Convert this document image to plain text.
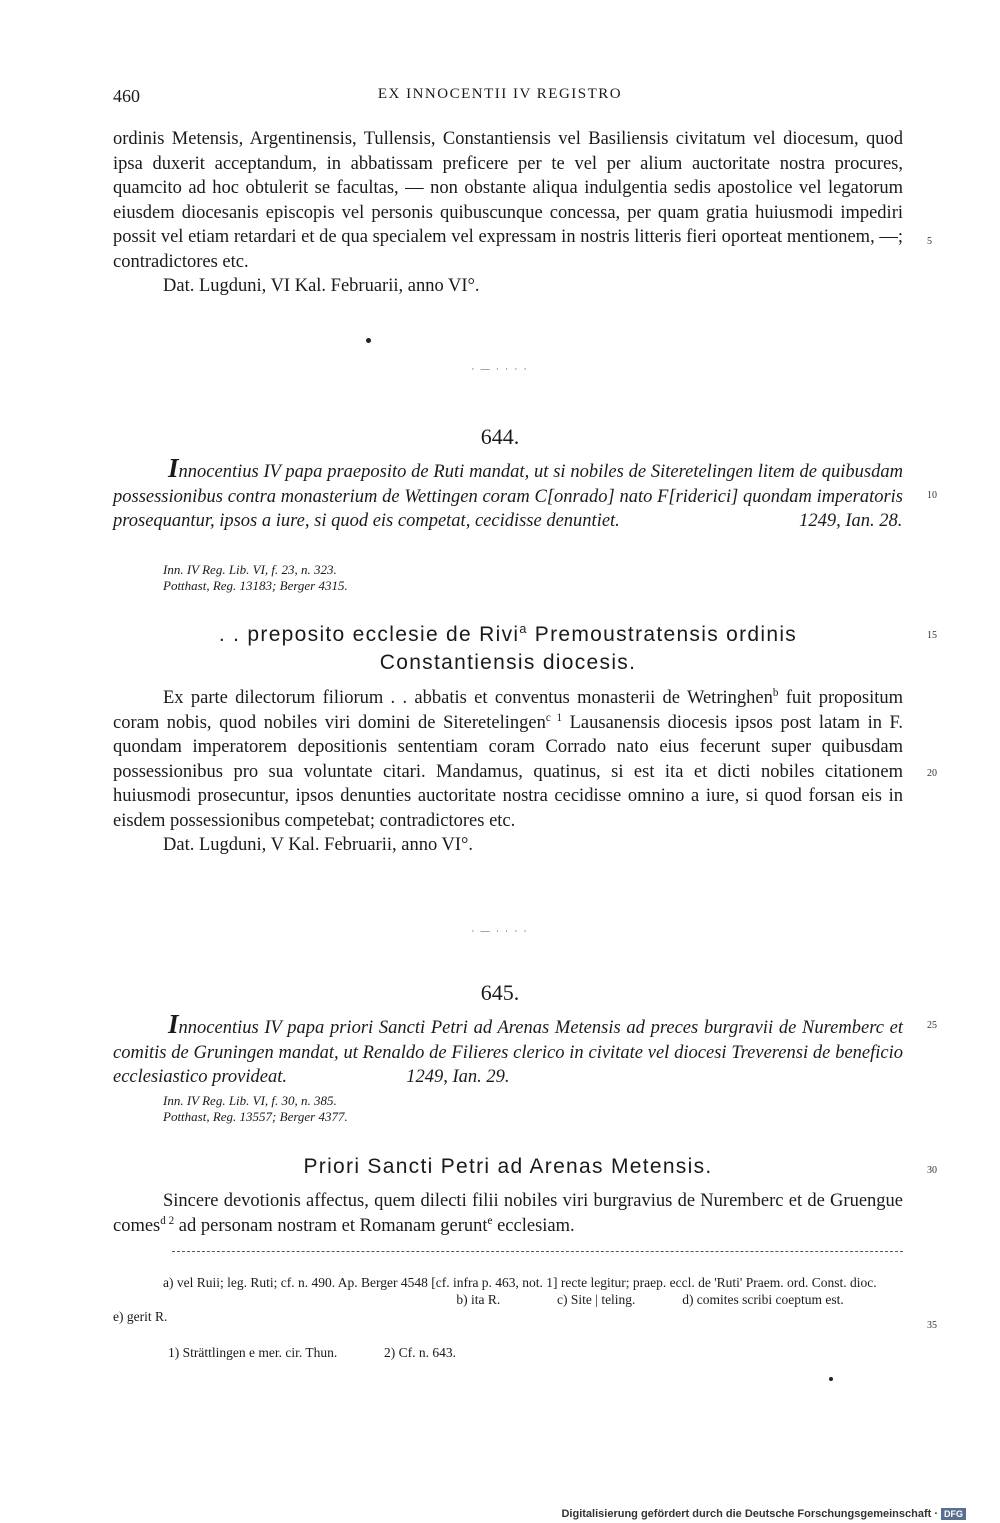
460	EX INNOCENTII IV REGISTRO

ordinis Metensis, Argentinensis, Tullensis, Constantiensis vel Basiliensis civitatum vel diocesum, quod ipsa duxerit acceptandum, in abbatissam preficere per te vel per alium auctoritate nostra procures, quamcito ad hoc obtulerit se facultas, — non obstante aliqua indulgentia sedis apostolice vel legatorum eiusdem diocesanis episcopis vel personis quibuscunque concessa, per quam gratia huiusmodi impediri possit vel etiam retardari et de qua specialem vel expressam in nostris litteris fieri oporteat mentionem, —; contradictores etc.

Dat. Lugduni, VI Kal. Februarii, anno VI°.

· — · · · ·
644.
Innocentius IV papa praeposito de Ruti mandat, ut si nobiles de Siteretelingen litem de quibusdam possessionibus contra monasterium de Wettingen coram C[onrado] nato F[riderici] quondam imperatoris prosequantur, ipsos a iure, si quod eis competat, cecidisse denuntiet.	1249, Ian. 28.
Inn. IV Reg. Lib. VI, f. 23, n. 323.
Potthast, Reg. 13183; Berger 4315.
. . preposito ecclesie de Rivi$^a$ Premoustratensis ordinis
Constantiensis diocesis.

Ex parte dilectorum filiorum . . abbatis et conventus monasterii de Wetringhen$^b$ fuit propositum coram nobis, quod nobiles viri domini de Siteretelingen$^{c 1}$ Lausanensis diocesis ipsos post latam in F. quondam imperatorem depositionis sententiam coram Corrado nato eius fecerunt super quibusdam possessionibus pro sua voluntate citari. Mandamus, quatinus, si est ita et dicti nobiles citationem huiusmodi prosecuntur, ipsos denunties auctoritate nostra cecidisse omnino a iure, si quod forsan eis in eisdem possessionibus competebat; contradictores etc.

Dat. Lugduni, V Kal. Februarii, anno VI°.

· — · · · ·
645.
Innocentius IV papa priori Sancti Petri ad Arenas Metensis ad preces burgravii de Nuremberc et comitis de Gruningen mandat, ut Renaldo de Filieres clerico in civitate vel diocesi Treverensi de beneficio ecclesiastico provideat.	1249, Ian. 29.
Inn. IV Reg. Lib. VI, f. 30, n. 385.
Potthast, Reg. 13557; Berger 4377.
Priori Sancti Petri ad Arenas Metensis.

Sincere devotionis affectus, quem dilecti filii nobiles viri burgravius de Nuremberc et de Gruengue comes$^{d 2}$ ad personam nostram et Romanam gerunt$^e$ ecclesiam.

a) vel Ruii; leg. Ruti; cf. n. 490. Ap. Berger 4548 [cf. infra p. 463, not. 1] recte legitur; praep. eccl. de 'Ruti' Praem. ord. Const. dioc.

b) ita R.	c) Site | teling.	d) comites scribi coeptum est.

e) gerit R.

1) Strättlingen e mer. cir. Thun.	2) Cf. n. 643.

5
10
15
20
25
30
35
Digitalisierung gefördert durch die Deutsche Forschungsgemeinschaft · DFG
